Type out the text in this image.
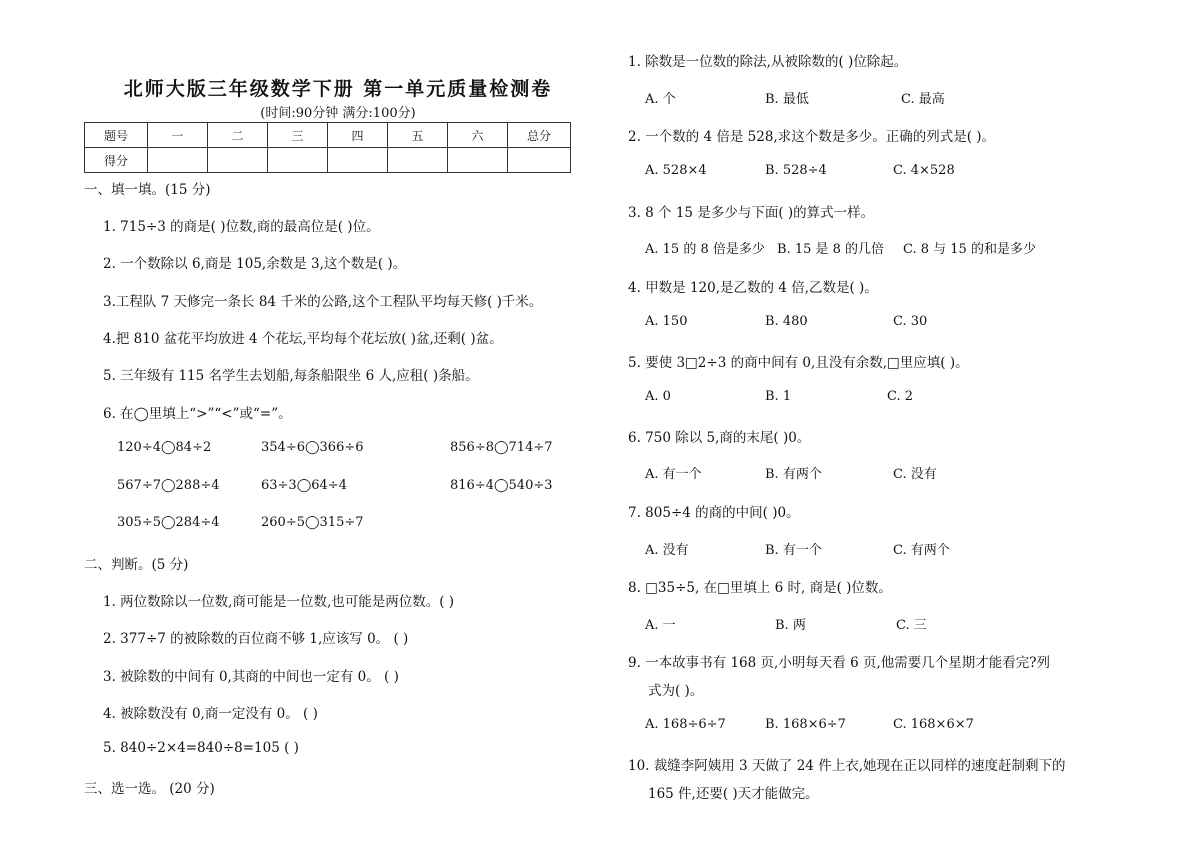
北师大版三年级数学下册 第一单元质量检测卷
(时间:90分钟 满分:100分)
题号	一	二	三	四	五	六	总分
得分							
一、填一填。(15 分)
1. 715÷3 的商是( )位数,商的最高位是( )位。
2. 一个数除以 6,商是 105,余数是 3,这个数是( )。
3.工程队 7 天修完一条长 84 千米的公路,这个工程队平均每天修( )千米。
4.把 810 盆花平均放进 4 个花坛,平均每个花坛放( )盆,还剩( )盆。
5. 三年级有 115 名学生去划船,每条船限坐 6 人,应租( )条船。
6. 在◯里填上“>”“<”或“=”。
120÷4◯84÷2	354÷6◯366÷6	856÷8◯714÷7
567÷7◯288÷4	63÷3◯64÷4	816÷4◯540÷3
305÷5◯284÷4	260÷5◯315÷7
二、判断。(5 分)
1. 两位数除以一位数,商可能是一位数,也可能是两位数。( )
2. 377÷7 的被除数的百位商不够 1,应该写 0。 ( )
3. 被除数的中间有 0,其商的中间也一定有 0。 ( )
4. 被除数没有 0,商一定没有 0。 ( )
5. 840÷2×4=840÷8=105 ( )
三、选一选。 (20 分)
1. 除数是一位数的除法,从被除数的( )位除起。
A. 个	B. 最低	C. 最高
2. 一个数的 4 倍是 528,求这个数是多少。正确的列式是( )。
A. 528×4	B. 528÷4	C. 4×528
3. 8 个 15 是多少与下面( )的算式一样。
A. 15 的 8 倍是多少 B. 15 是 8 的几倍 C. 8 与 15 的和是多少
4. 甲数是 120,是乙数的 4 倍,乙数是( )。
A. 150	B. 480	C. 30
5. 要使 3□2÷3 的商中间有 0,且没有余数,□里应填( )。
A. 0	B. 1	C. 2
6. 750 除以 5,商的末尾( )0。
A. 有一个	B. 有两个	C. 没有
7. 805÷4 的商的中间( )0。
A. 没有	B. 有一个	C. 有两个
8. □35÷5, 在□里填上 6 时, 商是( )位数。
A. 一	B. 两	C. 三
9. 一本故事书有 168 页,小明每天看 6 页,他需要几个星期才能看完?列
式为( )。
A. 168÷6÷7	B. 168×6÷7	C. 168×6×7
10. 裁缝李阿姨用 3 天做了 24 件上衣,她现在正以同样的速度赶制剩下的
165 件,还要( )天才能做完。
